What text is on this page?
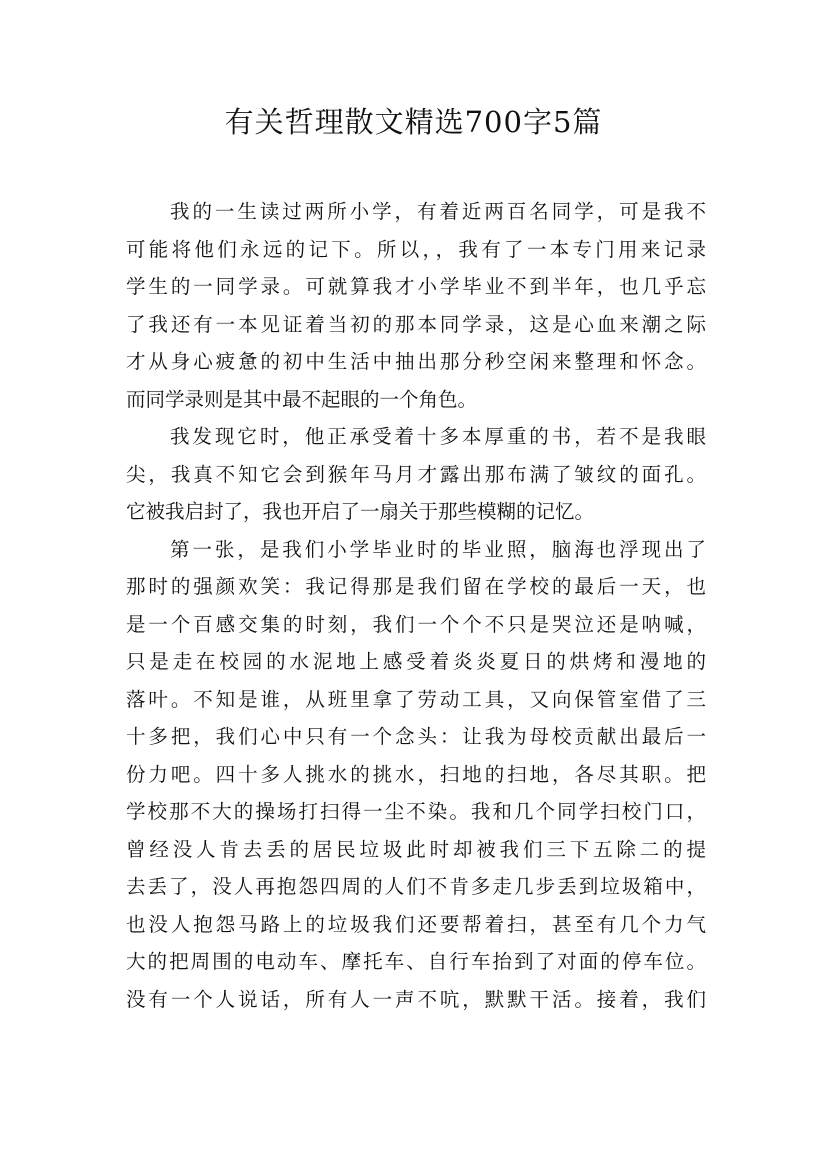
有关哲理散文精选700字5篇
我的一生读过两所小学，有着近两百名同学，可是我不
可能将他们永远的记下。所以，，我有了一本专门用来记录
学生的一同学录。可就算我才小学毕业不到半年，也几乎忘
了我还有一本见证着当初的那本同学录，这是心血来潮之际
才从身心疲惫的初中生活中抽出那分秒空闲来整理和怀念。
而同学录则是其中最不起眼的一个角色。
我发现它时，他正承受着十多本厚重的书，若不是我眼
尖，我真不知它会到猴年马月才露出那布满了皱纹的面孔。
它被我启封了，我也开启了一扇关于那些模糊的记忆。
第一张，是我们小学毕业时的毕业照，脑海也浮现出了
那时的强颜欢笑：我记得那是我们留在学校的最后一天，也
是一个百感交集的时刻，我们一个个不只是哭泣还是呐喊，
只是走在校园的水泥地上感受着炎炎夏日的烘烤和漫地的
落叶。不知是谁，从班里拿了劳动工具，又向保管室借了三
十多把，我们心中只有一个念头：让我为母校贡献出最后一
份力吧。四十多人挑水的挑水，扫地的扫地，各尽其职。把
学校那不大的操场打扫得一尘不染。我和几个同学扫校门口，
曾经没人肯去丢的居民垃圾此时却被我们三下五除二的提
去丢了，没人再抱怨四周的人们不肯多走几步丢到垃圾箱中，
也没人抱怨马路上的垃圾我们还要帮着扫，甚至有几个力气
大的把周围的电动车、摩托车、自行车抬到了对面的停车位。
没有一个人说话，所有人一声不吭，默默干活。接着，我们
